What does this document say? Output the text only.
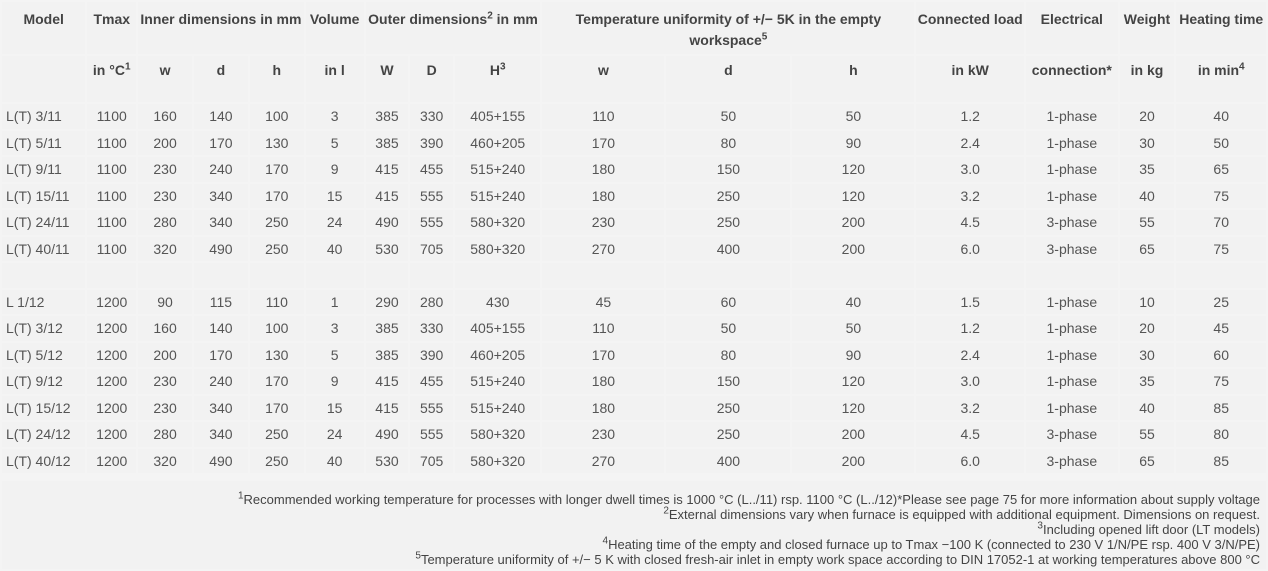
Model	Tmax	Inner dimensions in mm			Volume	Outer dimensions$^2$ in mm			Temperature uniformity of +/− 5K in the empty workspace$^5$			Connected load	Electrical	Weight	Heating time
	in $^\circ C^1$	w	d	h	in l	W	D	$H^3$	w	d	h	in kW	connection*	in kg	in $\min^4$
L(T) 3/11	1100	160	140	100	3	385	330	405+155	110	50	50	1.2	1-phase	20	40
L(T) 5/11	1100	200	170	130	5	385	390	460+205	170	80	90	2.4	1-phase	30	50
L(T) 9/11	1100	230	240	170	9	415	455	515+240	180	150	120	3.0	1-phase	35	65
L(T) 15/11	1100	230	340	170	15	415	555	515+240	180	250	120	3.2	1-phase	40	75
L(T) 24/11	1100	280	340	250	24	490	555	580+320	230	250	200	4.5	3-phase	55	70
L(T) 40/11	1100	320	490	250	40	530	705	580+320	270	400	200	6.0	3-phase	65	75

L 1/12	1200	90	115	110	1	290	280	430	45	60	40	1.5	1-phase	10	25
L(T) 3/12	1200	160	140	100	3	385	330	405+155	110	50	50	1.2	1-phase	20	45
L(T) 5/12	1200	200	170	130	5	385	390	460+205	170	80	90	2.4	1-phase	30	60
L(T) 9/12	1200	230	240	170	9	415	455	515+240	180	150	120	3.0	1-phase	35	75
L(T) 15/12	1200	230	340	170	15	415	555	515+240	180	250	120	3.2	1-phase	40	85
L(T) 24/12	1200	280	340	250	24	490	555	580+320	230	250	200	4.5	3-phase	55	80
L(T) 40/12	1200	320	490	250	40	530	705	580+320	270	400	200	6.0	3-phase	65	85
$^1$Recommended working temperature for processes with longer dwell times is 1000 °C (L../11) rsp. 1100 °C (L../12)*Please see page 75 for more information about supply voltage
$^2$External dimensions vary when furnace is equipped with additional equipment. Dimensions on request.
$^3$Including opened lift door (LT models)
$^4$Heating time of the empty and closed furnace up to Tmax −100 K (connected to 230 V 1/N/PE rsp. 400 V 3/N/PE)
$^5$Temperature uniformity of +/− 5 K with closed fresh-air inlet in empty work space according to DIN 17052-1 at working temperatures above 800 °C
